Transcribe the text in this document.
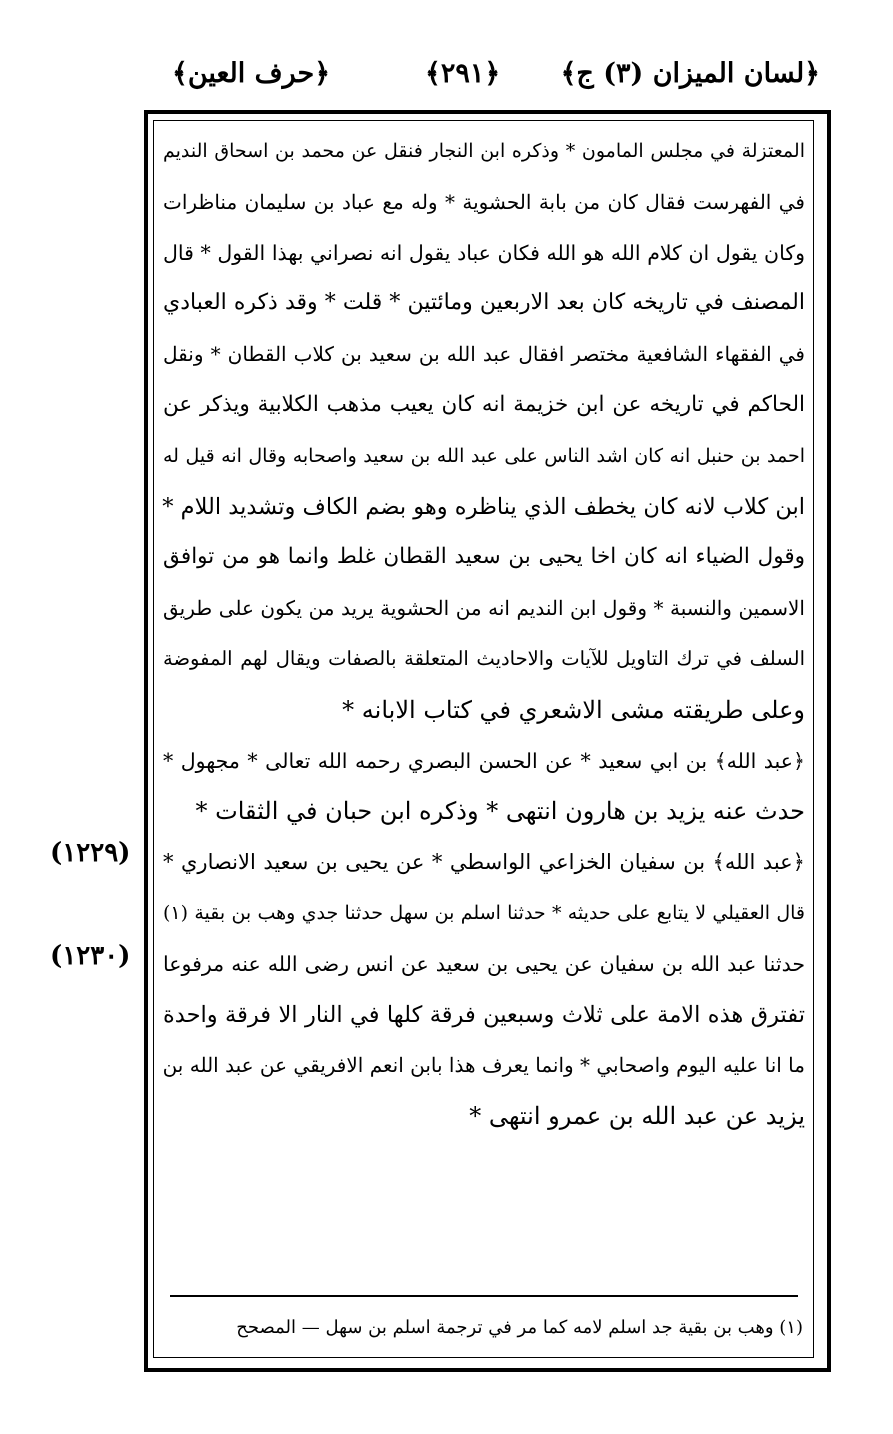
﴿لسان الميزان (٣) ج﴾
﴿٢٩١﴾
﴿حرف العين﴾
المعتزلة في مجلس المامون * وذكره ابن النجار فنقل عن محمد بن اسحاق النديم
في الفهرست فقال كان من بابة الحشوية * وله مع عباد بن سليمان مناظرات
وكان يقول ان كلام الله هو الله فكان عباد يقول انه نصراني بهذا القول * قال
المصنف في تاريخه كان بعد الاربعين ومائتين * قلت * وقد ذكره العبادي
في الفقهاء الشافعية مختصر افقال عبد الله بن سعيد بن كلاب القطان * ونقل
الحاكم في تاريخه عن ابن خزيمة انه كان يعيب مذهب الكلابية ويذكر عن
احمد بن حنبل انه كان اشد الناس على عبد الله بن سعيد واصحابه وقال انه قيل له
ابن كلاب لانه كان يخطف الذي يناظره وهو بضم الكاف وتشديد اللام *
وقول الضياء انه كان اخا يحيى بن سعيد القطان غلط وانما هو من توافق
الاسمين والنسبة * وقول ابن النديم انه من الحشوية يريد من يكون على طريق
السلف في ترك التاويل للآيات والاحاديث المتعلقة بالصفات ويقال لهم المفوضة
وعلى طريقته مشى الاشعري في كتاب الابانه *
﴿عبد الله﴾ بن ابي سعيد * عن الحسن البصري رحمه الله تعالى * مجهول *
حدث عنه يزيد بن هارون انتهى * وذكره ابن حبان في الثقات *
﴿عبد الله﴾ بن سفيان الخزاعي الواسطي * عن يحيى بن سعيد الانصاري *
قال العقيلي لا يتابع على حديثه * حدثنا اسلم بن سهل حدثنا جدي وهب بن بقية (١)
حدثنا عبد الله بن سفيان عن يحيى بن سعيد عن انس رضى الله عنه مرفوعا
تفترق هذه الامة على ثلاث وسبعين فرقة كلها في النار الا فرقة واحدة
ما انا عليه اليوم واصحابي * وانما يعرف هذا بابن انعم الافريقي عن عبد الله بن
يزيد عن عبد الله بن عمرو انتهى *
(١٢٢٩)
(١٢٣٠)
(١) وهب بن بقية جد اسلم لامه كما مر في ترجمة اسلم بن سهل — المصحح
